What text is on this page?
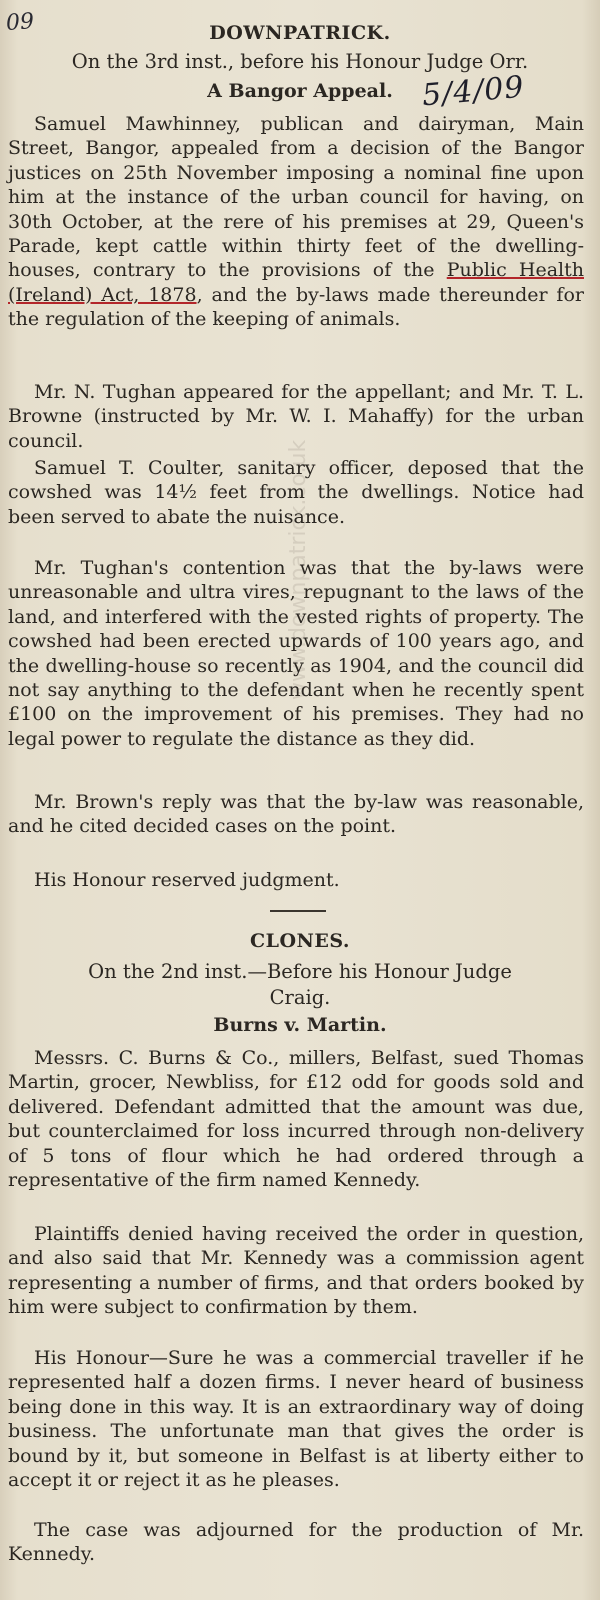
09
5/4/09
www.downpatrick.co.uk
DOWNPATRICK.
On the 3rd inst., before his Honour Judge Orr.
A Bangor Appeal.
Samuel Mawhinney, publican and dairyman, Main Street, Bangor, appealed from a decision of the Bangor justices on 25th November imposing a nominal fine upon him at the instance of the urban council for having, on 30th October, at the rere of his premises at 29, Queen's Parade, kept cattle within thirty feet of the dwelling-houses, contrary to the provisions of the Public Health (Ireland) Act, 1878, and the by-laws made thereunder for the regulation of the keeping of animals.
Mr. N. Tughan appeared for the appellant; and Mr. T. L. Browne (instructed by Mr. W. I. Mahaffy) for the urban council.
Samuel T. Coulter, sanitary officer, deposed that the cowshed was 14½ feet from the dwellings. Notice had been served to abate the nuisance.
Mr. Tughan's contention was that the by-laws were unreasonable and ultra vires, repugnant to the laws of the land, and interfered with the vested rights of property. The cowshed had been erected upwards of 100 years ago, and the dwelling-house so recently as 1904, and the council did not say anything to the defendant when he recently spent £100 on the improvement of his premises. They had no legal power to regulate the distance as they did.
Mr. Brown's reply was that the by-law was reasonable, and he cited decided cases on the point.
His Honour reserved judgment.
CLONES.
On the 2nd inst.—Before his Honour Judge
Craig.
Burns v. Martin.
Messrs. C. Burns & Co., millers, Belfast, sued Thomas Martin, grocer, Newbliss, for £12 odd for goods sold and delivered. Defendant admitted that the amount was due, but counterclaimed for loss incurred through non-delivery of 5 tons of flour which he had ordered through a representative of the firm named Kennedy.
Plaintiffs denied having received the order in question, and also said that Mr. Kennedy was a commission agent representing a number of firms, and that orders booked by him were subject to confirmation by them.
His Honour—Sure he was a commercial traveller if he represented half a dozen firms. I never heard of business being done in this way. It is an extraordinary way of doing business. The unfortunate man that gives the order is bound by it, but someone in Belfast is at liberty either to accept it or reject it as he pleases.
The case was adjourned for the production of Mr. Kennedy.
